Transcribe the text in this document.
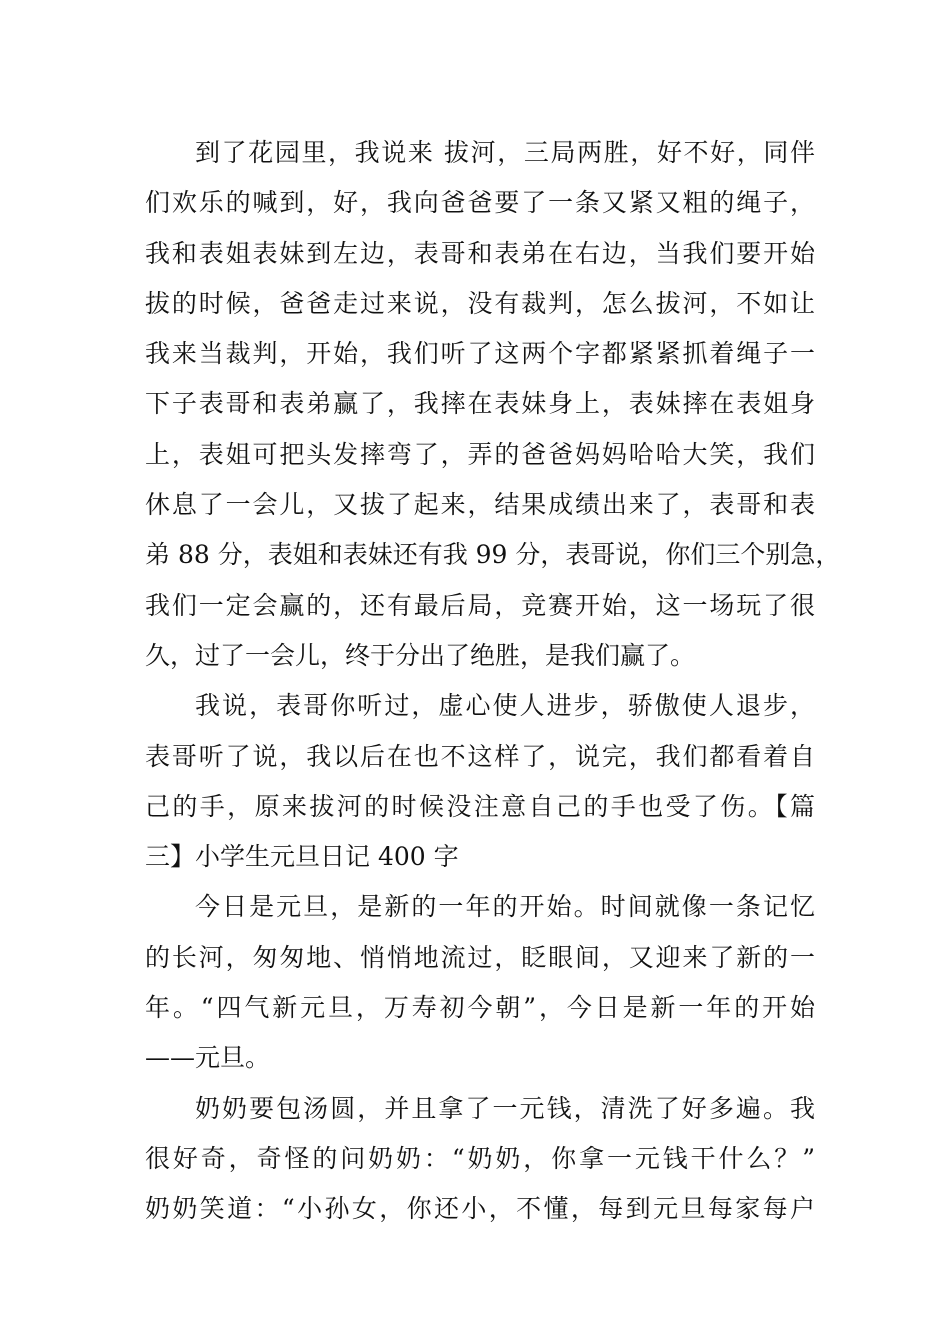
到了花园里，我说来 拔河，三局两胜，好不好，同伴
们欢乐的喊到，好，我向爸爸要了一条又紧又粗的绳子，
我和表姐表妹到左边，表哥和表弟在右边，当我们要开始
拔的时候，爸爸走过来说，没有裁判，怎么拔河，不如让
我来当裁判，开始，我们听了这两个字都紧紧抓着绳子一
下子表哥和表弟赢了，我摔在表妹身上，表妹摔在表姐身
上，表姐可把头发摔弯了，弄的爸爸妈妈哈哈大笑，我们
休息了一会儿，又拔了起来，结果成绩出来了，表哥和表
弟 88 分，表姐和表妹还有我 99 分，表哥说，你们三个别急，
我们一定会赢的，还有最后局，竞赛开始，这一场玩了很
久，过了一会儿，终于分出了绝胜，是我们赢了。
我说，表哥你听过，虚心使人进步，骄傲使人退步，
表哥听了说，我以后在也不这样了，说完，我们都看着自
己的手，原来拔河的时候没注意自己的手也受了伤。【篇
三】小学生元旦日记 400 字
今日是元旦，是新的一年的开始。时间就像一条记忆
的长河，匆匆地、悄悄地流过，眨眼间，又迎来了新的一
年。“四气新元旦，万寿初今朝”，今日是新一年的开始
——元旦。
奶奶要包汤圆，并且拿了一元钱，清洗了好多遍。我
很好奇，奇怪的问奶奶：“奶奶，你拿一元钱干什么？”
奶奶笑道：“小孙女，你还小，不懂，每到元旦每家每户
